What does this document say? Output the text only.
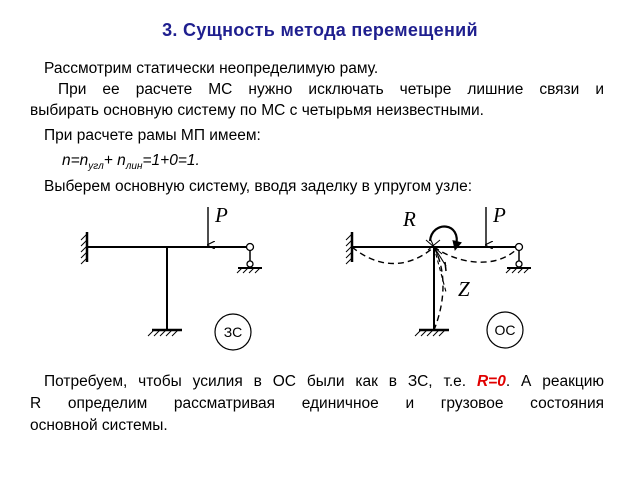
3. Сущность метода перемещений
Рассмотрим статически неопределимую раму.
При ее расчете МС нужно исключать четыре лишние связи и
выбирать основную систему по МС с четырьмя неизвестными.
При расчете рамы МП имеем:
$n=n_{угл}+ n_{лин}=1+0=1$.
Выберем основную систему, вводя заделку в упругом узле:
P
ЗС
Z
R	P
ОС
Потребуем, чтобы усилия в ОС были как в ЗС, т.е. R=0. А реакцию
R определим рассматривая единичное и грузовое состояния
основной системы.
